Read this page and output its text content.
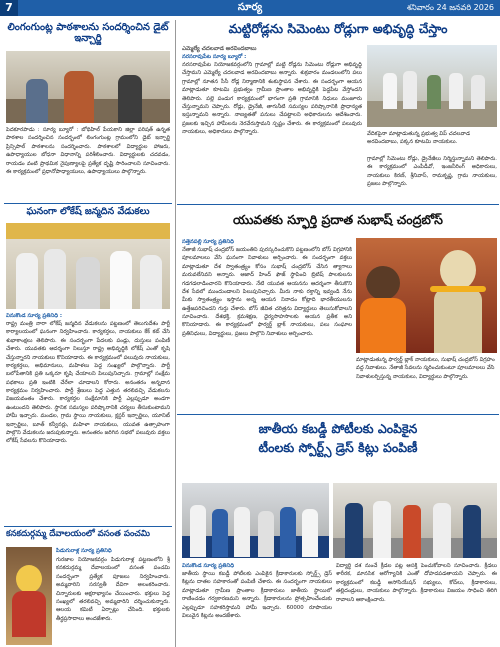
సూర్య
7	శనివారం 24 జనవరి 2026
లింగంగుంట్ల పాఠశాలను సందర్శించిన డైట్ ఇన్చార్జి
పెదకూరపాడు : సూర్య బ్యూరో : బోథిహిల్ పేయకాని జిల్లా పరిషత్ ఉన్నత పాఠశాల సందర్శించిన సందర్భంలో లింగంగుంట్ల గ్రామంలోని డైట్ ఇన్చార్జి ప్రిన్సిపాల్ పాఠశాలను సందర్శించారు. పాఠశాలలో విద్యార్థుల హాజరు, ఉపాధ్యాయుల బోధనా విధానాన్ని పరిశీలించారు. విద్యార్థులకు చదవడం, రాయడం వంటి ప్రాథమిక నైపుణ్యాలపై ప్రత్యేక దృష్టి సారించాలని సూచించారు. ఈ కార్యక్రమంలో ప్రధానోపాధ్యాయులు, ఉపాధ్యాయులు పాల్గొన్నారు.
ఘనంగా లోకేష్ జన్మదిన వేడుకలు
వినుకొండ సూర్య ప్రతినిధి :
రాష్ట్ర మంత్రి నారా లోకేష్ జన్మదిన వేడుకలను పట్టణంలో తెలుగుదేశం పార్టీ కార్యాలయంలో ఘనంగా నిర్వహించారు. కార్యకర్తలు, నాయకులు కేక్ కట్ చేసి శుభాకాంక్షలు తెలిపారు. ఈ సందర్భంగా పేదలకు పండ్లు, దుస్తులు పంపిణీ చేశారు. యువతకు ఆదర్శంగా నిలుస్తూ రాష్ట్ర అభివృద్ధికి లోకేష్ ఎంతో కృషి చేస్తున్నారని నాయకులు కొనియాడారు. ఈ కార్యక్రమంలో పలువురు నాయకులు, కార్యకర్తలు, అభిమానులు, మహిళలు పెద్ద సంఖ్యలో పాల్గొన్నారు. పార్టీ బలోపేతానికి ప్రతి ఒక్కరూ కృషి చేయాలని పిలుపునిచ్చారు. గ్రామాల్లో సంక్షేమ పథకాలు ప్రతి ఇంటికి చేరేలా చూడాలని కోరారు. అనంతరం అన్నదాన కార్యక్రమం నిర్వహించారు. పార్టీ శ్రేణులు పెద్ద ఎత్తున తరలివచ్చి వేడుకలను విజయవంతం చేశారు. కార్యకర్తల సంక్షేమానికి పార్టీ ఎల్లప్పుడూ అండగా ఉంటుందని తెలిపారు. స్థానిక సమస్యల పరిష్కారానికి చర్యలు తీసుకుంటామని హామీ ఇచ్చారు. మండల, గ్రామ స్థాయి నాయకులు, క్లస్టర్ ఇన్చార్జిలు, యూనిట్ ఇన్చార్జిలు, బూత్ కన్వీనర్లు, మహిళా నాయకులు, యువత ఉత్సాహంగా పాల్గొని వేడుకలను జరుపుకున్నారు. అనంతరం జరిగిన సభలో పలువురు వక్తలు లోకేష్ సేవలను కొనియాడారు.
కనకదుర్గమ్మ దేవాలయంలో వసంత పంచమి
పిడుగురాళ్ల సూర్య ప్రతినిధి
గురజాల నియోజకవర్గం పిడుగురాళ్ల పట్టణంలోని శ్రీ కనకదుర్గమ్మ దేవాలయంలో వసంత పంచమి సందర్భంగా ప్రత్యేక పూజలు నిర్వహించారు. అమ్మవారిని సరస్వతీ దేవిగా అలంకరించారు. చిన్నారులకు అక్షరాభ్యాసం చేయించారు. భక్తులు పెద్ద సంఖ్యలో తరలివచ్చి అమ్మవారిని దర్శించుకున్నారు. ఆలయ కమిటీ ఏర్పాట్లు చేసింది. భక్తులకు తీర్థప్రసాదాలు అందజేశారు.
మట్టిరోడ్లను సిమెంటు రోడ్లుగా అభివృద్ధి చేస్తాం
ఎమ్మెల్యే చదలవాడ అరవిందబాబు
నరసరావుపేట సూర్య బ్యూరో :
నరసరావుపేట నియోజకవర్గంలోని గ్రామాల్లో మట్టి రోడ్లను సిమెంటు రోడ్లుగా అభివృద్ధి చేస్తామని ఎమ్మెల్యే చదలవాడ అరవిందబాబు అన్నారు. శుక్రవారం మండలంలోని పలు గ్రామాల్లో నూతన సీసీ రోడ్ల నిర్మాణానికి శంకుస్థాపన చేశారు. ఈ సందర్భంగా ఆయన మాట్లాడుతూ కూటమి ప్రభుత్వం గ్రామీణ ప్రాంతాల అభివృద్ధికి పెద్దపీట వేస్తోందని తెలిపారు. పల్లె పండుగ కార్యక్రమంలో భాగంగా ప్రతి గ్రామానికి నిధులు మంజూరు చేస్తున్నామని చెప్పారు. రోడ్లు, డ్రైనేజీ, తాగునీటి సమస్యల పరిష్కారానికి ప్రాధాన్యత ఇస్తున్నామని అన్నారు. నాణ్యతతో పనులు చేపట్టాలని అధికారులను ఆదేశించారు. ప్రజలకు ఇచ్చిన హామీలను నెరవేరుస్తామని స్పష్టం చేశారు. ఈ కార్యక్రమంలో పలువురు నాయకులు, అధికారులు పాల్గొన్నారు.	వేదికపైనా మాట్లాడుతున్న ప్రభుత్వ విప్ చదలవాడ అరవిందబాబు, పక్కన కూటమి నాయకులు.
గ్రామాల్లో సిమెంటు రోడ్లు, డ్రైనేజీలు నిర్మిస్తున్నామని తెలిపారు. ఈ కార్యక్రమంలో ఎంపీడీవో, ఇంజనీరింగ్ అధికారులు, నాయకులు కిరణ్, శ్రీనివాస్, రామకృష్ణ, గ్రామ నాయకులు, ప్రజలు పాల్గొన్నారు.
యువతకు స్ఫూర్తి ప్రదాత సుభాష్ చంద్రబోస్
సత్తెనపల్లి సూర్య ప్రతినిధి
నేతాజీ సుభాష్ చంద్రబోస్ జయంతిని పురస్కరించుకొని పట్టణంలోని బోస్ విగ్రహానికి పూలమాలలు వేసి ఘనంగా నివాళులు అర్పించారు. ఈ సందర్భంగా వక్తలు మాట్లాడుతూ దేశ స్వాతంత్ర్యం కోసం సుభాష్ చంద్రబోస్ చేసిన త్యాగాలు మరువలేనివని అన్నారు. ఆజాద్ హింద్ ఫౌజ్ స్థాపించి బ్రిటిష్ పాలకులను గడగడలాడించారని కొనియాడారు. నేటి యువత ఆయనను ఆదర్శంగా తీసుకొని దేశ సేవలో ముందుండాలని పిలుపునిచ్చారు. మీరు నాకు రక్తాన్ని ఇవ్వండి నేను మీకు స్వాతంత్ర్యం ఇస్తాను అన్న ఆయన నినాదం కోట్లాది భారతీయులను ఉత్తేజపరిచిందని గుర్తు చేశారు. బోస్ జీవిత చరిత్రను విద్యార్థులు తెలుసుకోవాలని సూచించారు. దేశభక్తి, క్రమశిక్షణ, ధైర్యసాహసాలకు ఆయన ప్రతీక అని కొనియాడారు. ఈ కార్యక్రమంలో ఫార్వర్డ్ బ్లాక్ నాయకులు, పలు సంఘాల ప్రతినిధులు, విద్యార్థులు, ప్రజలు పాల్గొని నివాళులు అర్పించారు.
మాట్లాడుతున్న ఫార్వర్డ్ బ్లాక్ నాయకులు, సుభాష్ చంద్రబోస్ విగ్రహం వద్ద నివాళులు. నేతాజీ సేవలను స్మరించుకుంటూ పూలమాలలు వేసి నివాళులర్పిస్తున్న నాయకులు, విద్యార్థులు పాల్గొన్నారు.
జాతీయ కబడ్డీ పోటీలకు ఎంపికైన
టీంలకు స్పోర్ట్స్ డ్రెస్ కిట్లు పంపిణీ
వినుకొండ సూర్య ప్రతినిధి
జాతీయ స్థాయి కబడ్డీ పోటీలకు ఎంపికైన క్రీడాకారులకు స్పోర్ట్స్ డ్రెస్ కిట్లను దాతల సహకారంతో పంపిణీ చేశారు. ఈ సందర్భంగా నాయకులు మాట్లాడుతూ గ్రామీణ ప్రాంతాల క్రీడాకారులు జాతీయ స్థాయిలో రాణించడం గర్వకారణమని అన్నారు. క్రీడాకారులను ప్రోత్సహించేందుకు ఎల్లప్పుడూ సహకరిస్తామని హామీ ఇచ్చారు. 60000 రూపాయల విలువైన కిట్లను అందజేశారు.
విద్యార్థి దశ నుంచే క్రీడల పట్ల ఆసక్తి పెంచుకోవాలని సూచించారు. క్రీడలు శారీరక, మానసిక ఆరోగ్యానికి ఎంతో దోహదపడతాయని చెప్పారు. ఈ కార్యక్రమంలో కబడ్డీ అసోసియేషన్ సభ్యులు, కోచ్‌లు, క్రీడాకారులు, తల్లిదండ్రులు, నాయకులు పాల్గొన్నారు. క్రీడాకారులు విజయం సాధించి తిరిగి రావాలని ఆకాంక్షించారు.
